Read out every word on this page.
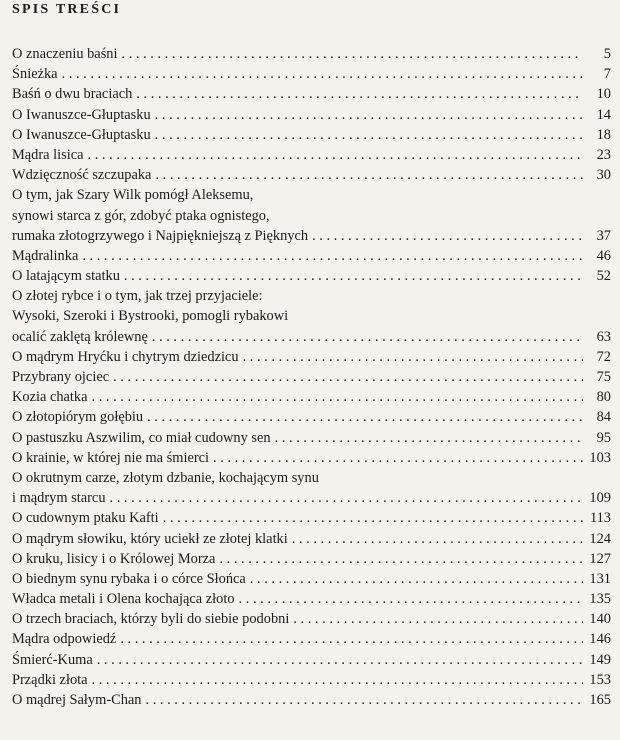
SPIS TREŚCI
O znaczeniu baśni . . .	5
Śnieżka . . .	7
Baśń o dwu braciach . . .	10
O Iwanuszce-Głuptasku . . .	14
O Iwanuszce-Głuptasku . . .	18
Mądra lisica . . .	23
Wdzięczność szczupaka . . .	30
O tym, jak Szary Wilk pomógł Aleksemu,
synowi starca z gór, zdobyć ptaka ognistego,
rumaka złotogrzywego i Najpiękniejszą z Pięknych . . .	37
Mądralinka . . .	46
O latającym statku . . .	52
O złotej rybce i o tym, jak trzej przyjaciele:
Wysoki, Szeroki i Bystrooki, pomogli rybakowi
ocalić zaklętą królewnę . . .	63
O mądrym Hryćku i chytrym dziedzicu . . .	72
Przybrany ojciec . . .	75
Kozia chatka . . .	80
O złotopiórym gołębiu . . .	84
O pastuszku Aszwilim, co miał cudowny sen . . .	95
O krainie, w której nie ma śmierci . . .	103
O okrutnym carze, złotym dzbanie, kochającym synu
i mądrym starcu . . .	109
O cudownym ptaku Kafti . . .	113
O mądrym słowiku, który uciekł ze złotej klatki . . .	124
O kruku, lisicy i o Królowej Morza . . .	127
O biednym synu rybaka i o córce Słońca . . .	131
Władca metali i Olena kochająca złoto . . .	135
O trzech braciach, którzy byli do siebie podobni . . .	140
Mądra odpowiedź . . .	146
Śmierć-Kuma . . .	149
Prządki złota . . .	153
O mądrej Sałym-Chan . . .	165
